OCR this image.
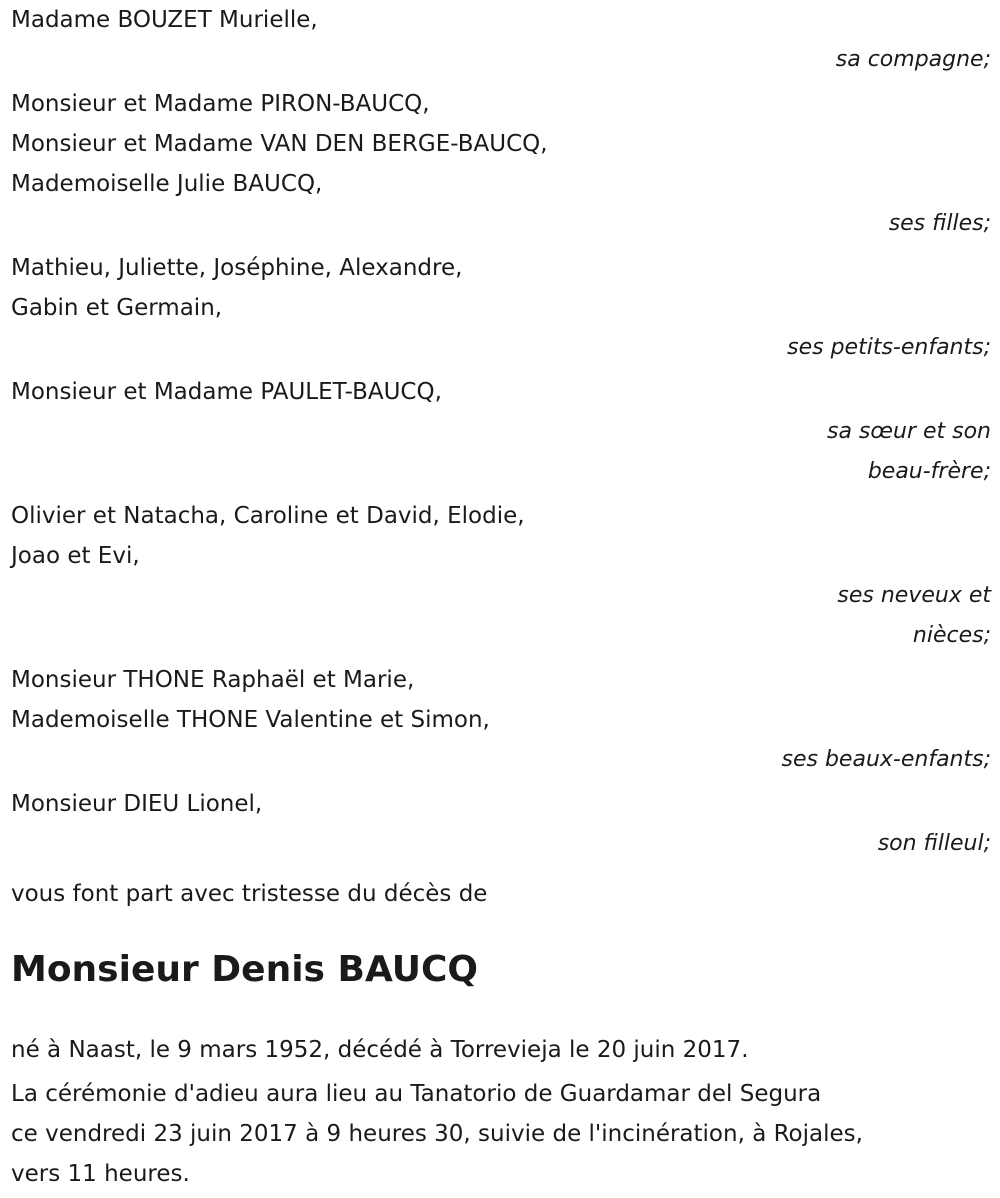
Madame BOUZET Murielle,
sa compagne;
Monsieur et Madame PIRON-BAUCQ,
Monsieur et Madame VAN DEN BERGE-BAUCQ,
Mademoiselle Julie BAUCQ,
ses filles;
Mathieu, Juliette, Joséphine, Alexandre,
Gabin et Germain,
ses petits-enfants;
Monsieur et Madame PAULET-BAUCQ,
sa sœur et son
beau-frère;
Olivier et Natacha, Caroline et David, Elodie,
Joao et Evi,
ses neveux et
nièces;
Monsieur THONE Raphaël et Marie,
Mademoiselle THONE Valentine et Simon,
ses beaux-enfants;
Monsieur DIEU Lionel,
son filleul;
vous font part avec tristesse du décès de
Monsieur Denis BAUCQ
né à Naast, le 9 mars 1952, décédé à Torrevieja le 20 juin 2017.
La cérémonie d'adieu aura lieu au Tanatorio de Guardamar del Segura
ce vendredi 23 juin 2017 à 9 heures 30, suivie de l'incinération, à Rojales,
vers 11 heures.
